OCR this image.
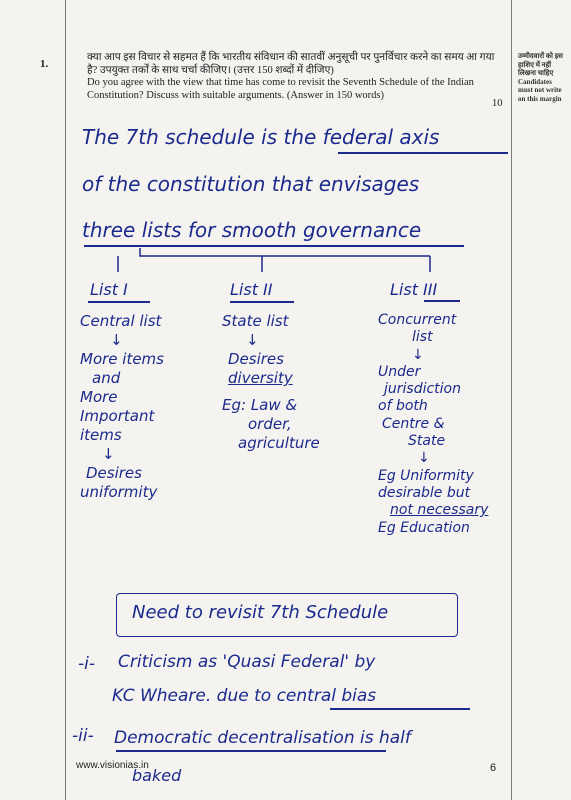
1.
क्या आप इस विचार से सहमत हैं कि भारतीय संविधान की सातवीं अनुसूची पर पुनर्विचार करने का समय आ गया है? उपयुक्त तर्कों के साथ चर्चा कीजिए। (उत्तर 150 शब्दों में दीजिए)
Do you agree with the view that time has come to revisit the Seventh Schedule of the Indian Constitution? Discuss with suitable arguments. (Answer in 150 words)
10
उम्मीदवारों को इस हाशिए में नहीं लिखना चाहिए Candidates must not write on this margin
The 7th schedule is the federal axis
of the constitution that envisages
three lists for smooth governance
List I
Central list
↓
More items
and
More
Important
items
↓
Desires
uniformity
List II
State list
↓
Desires
diversity
Eg: Law &
order,
agriculture
List III
Concurrent
list
↓
Under
jurisdiction
of both
Centre &
State
↓
Eg Uniformity
desirable but
not necessary
Eg Education
Need to revisit 7th Schedule
-i- Criticism as 'Quasi Federal' by
KC Wheare. due to central bias
-ii- Democratic decentralisation is half
baked
www.visionias.in	6
